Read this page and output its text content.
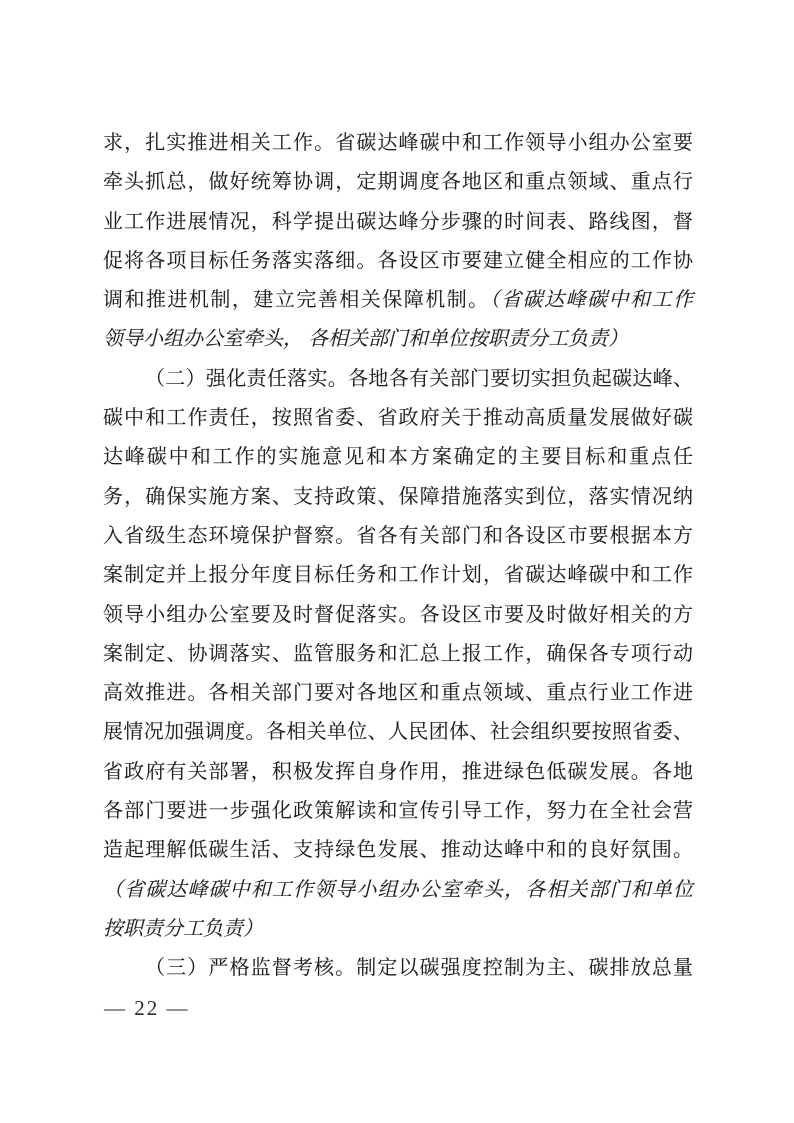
求，扎实推进相关工作。省碳达峰碳中和工作领导小组办公室要
牵头抓总，做好统筹协调，定期调度各地区和重点领域、重点行
业工作进展情况，科学提出碳达峰分步骤的时间表、路线图，督
促将各项目标任务落实落细。各设区市要建立健全相应的工作协
调和推进机制，建立完善相关保障机制。（省碳达峰碳中和工作
领导小组办公室牵头， 各相关部门和单位按职责分工负责）
（二）强化责任落实。各地各有关部门要切实担负起碳达峰、
碳中和工作责任，按照省委、省政府关于推动高质量发展做好碳
达峰碳中和工作的实施意见和本方案确定的主要目标和重点任
务，确保实施方案、支持政策、保障措施落实到位，落实情况纳
入省级生态环境保护督察。省各有关部门和各设区市要根据本方
案制定并上报分年度目标任务和工作计划，省碳达峰碳中和工作
领导小组办公室要及时督促落实。各设区市要及时做好相关的方
案制定、协调落实、监管服务和汇总上报工作，确保各专项行动
高效推进。各相关部门要对各地区和重点领域、重点行业工作进
展情况加强调度。各相关单位、人民团体、社会组织要按照省委、
省政府有关部署，积极发挥自身作用，推进绿色低碳发展。各地
各部门要进一步强化政策解读和宣传引导工作，努力在全社会营
造起理解低碳生活、支持绿色发展、推动达峰中和的良好氛围。
（省碳达峰碳中和工作领导小组办公室牵头，各相关部门和单位
按职责分工负责）
（三）严格监督考核。制定以碳强度控制为主、碳排放总量
— 22 —
